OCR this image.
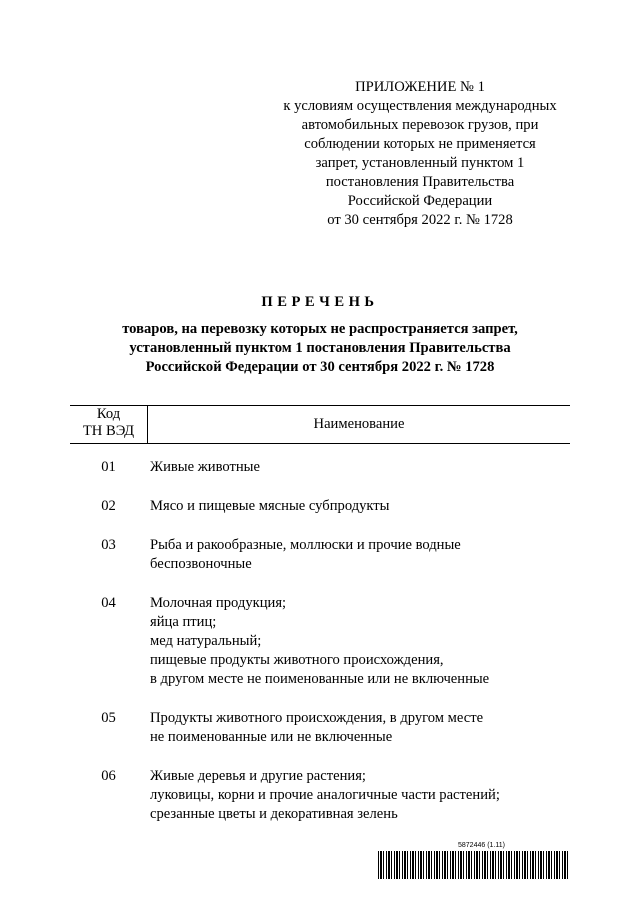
ПРИЛОЖЕНИЕ № 1
к условиям осуществления международных
автомобильных перевозок грузов, при
соблюдении которых не применяется
запрет, установленный пунктом 1
постановления Правительства
Российской Федерации
от 30 сентября 2022 г. № 1728
ПЕРЕЧЕНЬ
товаров, на перевозку которых не распространяется запрет,
установленный пунктом 1 постановления Правительства
Российской Федерации от 30 сентября 2022 г. № 1728
Код
ТН ВЭД	Наименование
01	Живые животные
02	Мясо и пищевые мясные субпродукты
03	Рыба и ракообразные, моллюски и прочие водные
беспозвоночные
04	Молочная продукция;
яйца птиц;
мед натуральный;
пищевые продукты животного происхождения,
в другом месте не поименованные или не включенные
05	Продукты животного происхождения, в другом месте
не поименованные или не включенные
06	Живые деревья и другие растения;
луковицы, корни и прочие аналогичные части растений;
срезанные цветы и декоративная зелень
5872446 (1.11)
